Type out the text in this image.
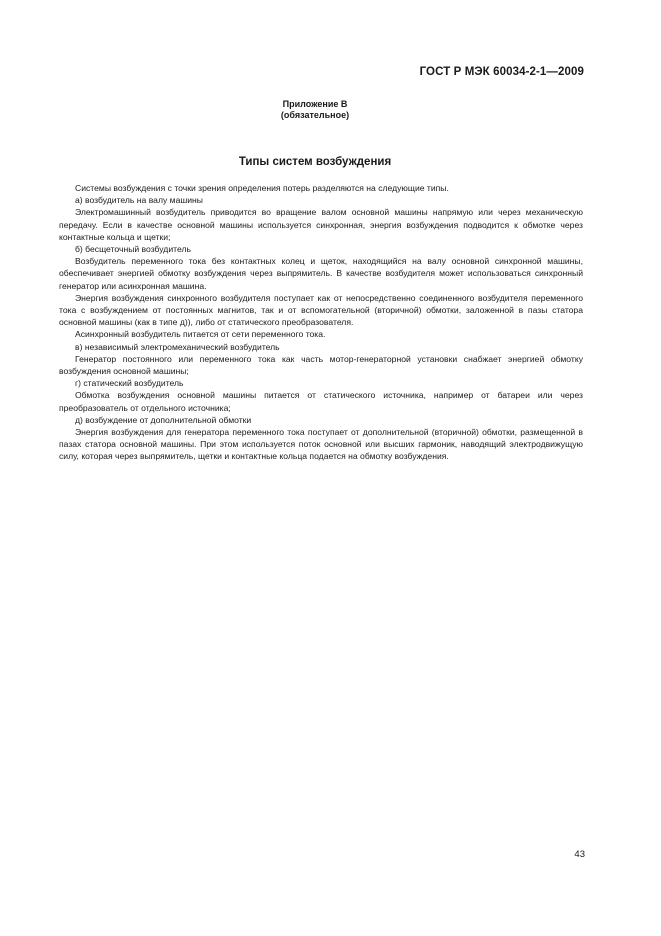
ГОСТ Р МЭК 60034-2-1—2009
Приложение В
(обязательное)
Типы систем возбуждения

Системы возбуждения с точки зрения определения потерь разделяются на следующие типы.

а) возбудитель на валу машины

Электромашинный возбудитель приводится во вращение валом основной машины напрямую или через механическую передачу. Если в качестве основной машины используется синхронная, энергия возбуждения подводится к обмотке через контактные кольца и щетки;

б) бесщеточный возбудитель

Возбудитель переменного тока без контактных колец и щеток, находящийся на валу основной синхронной машины, обеспечивает энергией обмотку возбуждения через выпрямитель. В качестве возбудителя может использоваться синхронный генератор или асинхронная машина.

Энергия возбуждения синхронного возбудителя поступает как от непосредственно соединенного возбудителя переменного тока с возбуждением от постоянных магнитов, так и от вспомогательной (вторичной) обмотки, заложенной в пазы статора основной машины (как в типе д)), либо от статического преобразователя.

Асинхронный возбудитель питается от сети переменного тока.

в) независимый электромеханический возбудитель

Генератор постоянного или переменного тока как часть мотор-генераторной установки снабжает энергией обмотку возбуждения основной машины;

г) статический возбудитель

Обмотка возбуждения основной машины питается от статического источника, например от батареи или через преобразователь от отдельного источника;

д) возбуждение от дополнительной обмотки

Энергия возбуждения для генератора переменного тока поступает от дополнительной (вторичной) обмотки, размещенной в пазах статора основной машины. При этом используется поток основной или высших гармоник, наводящий электродвижущую силу, которая через выпрямитель, щетки и контактные кольца подается на обмотку возбуждения.

43
